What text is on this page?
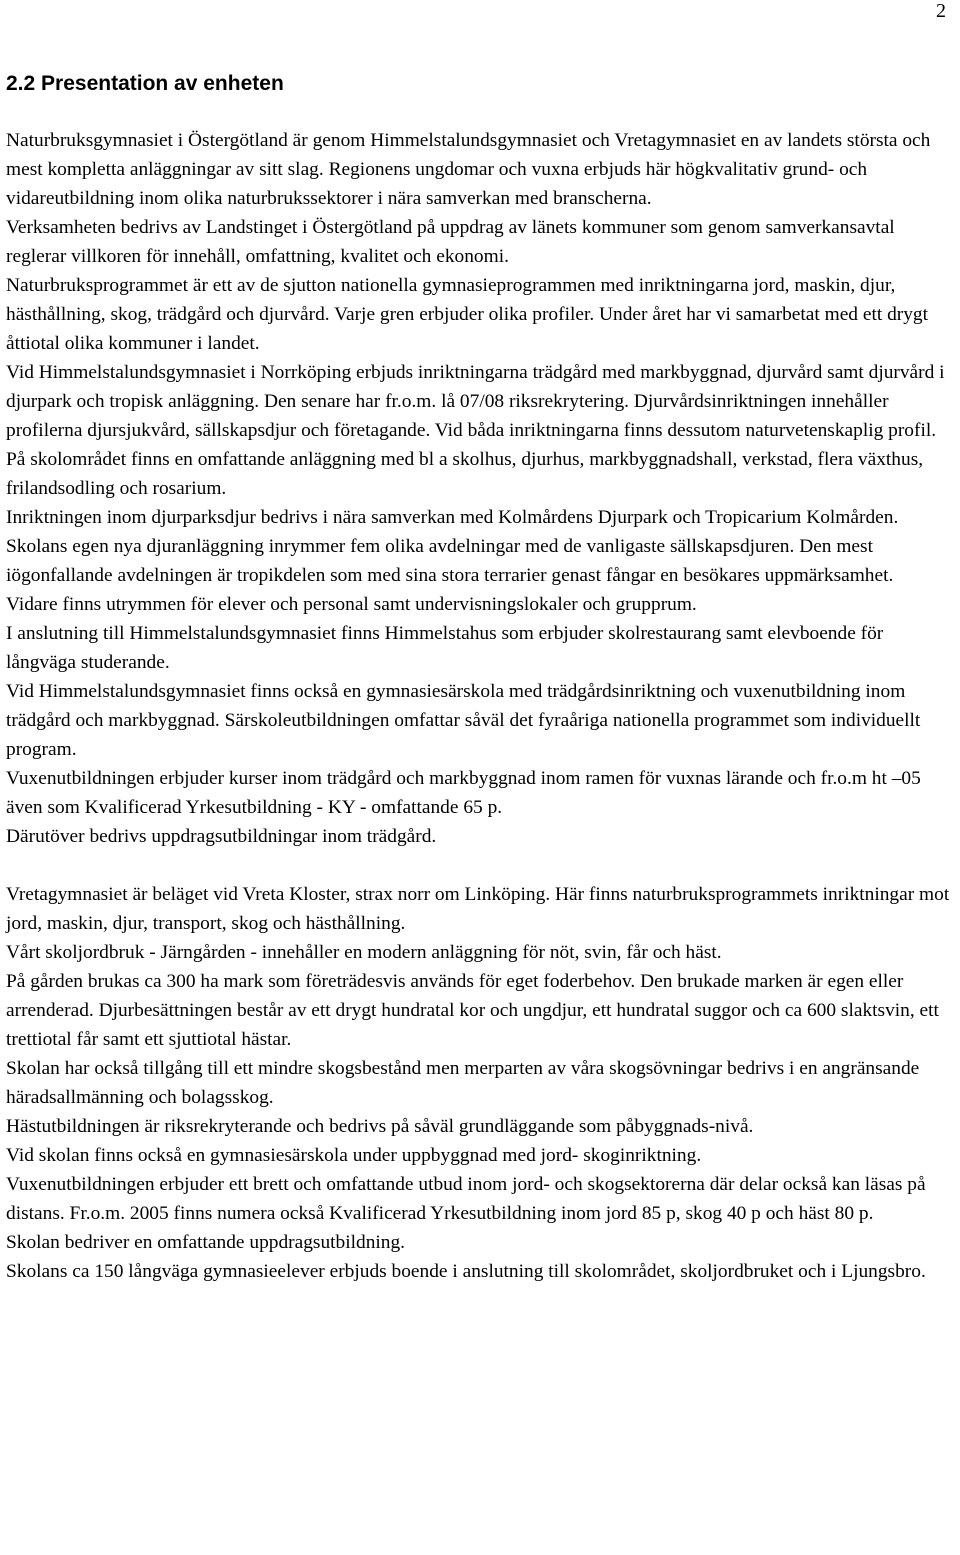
2
2.2 Presentation av enheten

Naturbruksgymnasiet i Östergötland är genom Himmelstalundsgymnasiet och Vretagymnasiet en av landets största och mest kompletta anläggningar av sitt slag. Regionens ungdomar och vuxna erbjuds här högkvalitativ grund- och vidareutbildning inom olika naturbrukssektorer i nära samverkan med branscherna.

Verksamheten bedrivs av Landstinget i Östergötland på uppdrag av länets kommuner som genom samverkansavtal reglerar villkoren för innehåll, omfattning, kvalitet och ekonomi.

Naturbruksprogrammet är ett av de sjutton nationella gymnasieprogrammen med inriktningarna jord, maskin, djur, hästhållning, skog, trädgård och djurvård. Varje gren erbjuder olika profiler. Under året har vi samarbetat med ett drygt åttiotal olika kommuner i landet.

Vid Himmelstalundsgymnasiet i Norrköping erbjuds inriktningarna trädgård med markbyggnad, djurvård samt djurvård i djurpark och tropisk anläggning. Den senare har fr.o.m. lå 07/08 riksrekrytering. Djurvårdsinriktningen innehåller profilerna djursjukvård, sällskapsdjur och företagande. Vid båda inriktningarna finns dessutom naturvetenskaplig profil.

På skolområdet finns en omfattande anläggning med bl a skolhus, djurhus, markbyggnadshall, verkstad, flera växthus, frilandsodling och rosarium.

Inriktningen inom djurparksdjur bedrivs i nära samverkan med Kolmårdens Djurpark och Tropicarium Kolmården. Skolans egen nya djuranläggning inrymmer fem olika avdelningar med de vanligaste sällskapsdjuren. Den mest iögonfallande avdelningen är tropikdelen som med sina stora terrarier genast fångar en besökares uppmärksamhet.

Vidare finns utrymmen för elever och personal samt undervisningslokaler och grupprum.

I anslutning till Himmelstalundsgymnasiet finns Himmelstahus som erbjuder skolrestaurang samt elevboende för långväga studerande.

Vid Himmelstalundsgymnasiet finns också en gymnasiesärskola med trädgårdsinriktning och vuxenutbildning inom trädgård och markbyggnad. Särskoleutbildningen omfattar såväl det fyraåriga nationella programmet som individuellt program.

Vuxenutbildningen erbjuder kurser inom trädgård och markbyggnad inom ramen för vuxnas lärande och fr.o.m ht –05 även som Kvalificerad Yrkesutbildning - KY - omfattande 65 p.

Därutöver bedrivs uppdragsutbildningar inom trädgård.

Vretagymnasiet är beläget vid Vreta Kloster, strax norr om Linköping. Här finns naturbruksprogrammets inriktningar mot jord, maskin, djur, transport, skog och hästhållning.

Vårt skoljordbruk - Järngården - innehåller en modern anläggning för nöt, svin, får och häst.

På gården brukas ca 300 ha mark som företrädesvis används för eget foderbehov. Den brukade marken är egen eller arrenderad. Djurbesättningen består av ett drygt hundratal kor och ungdjur, ett hundratal suggor och ca 600 slaktsvin, ett trettiotal får samt ett sjuttiotal hästar.

Skolan har också tillgång till ett mindre skogsbestånd men merparten av våra skogsövningar bedrivs i en angränsande häradsallmänning och bolagsskog.

Hästutbildningen är riksrekryterande och bedrivs på såväl grundläggande som påbyggnads-nivå.

Vid skolan finns också en gymnasiesärskola under uppbyggnad med jord- skoginriktning.

Vuxenutbildningen erbjuder ett brett och omfattande utbud inom jord- och skogsektorerna där delar också kan läsas på distans. Fr.o.m. 2005 finns numera också Kvalificerad Yrkesutbildning inom jord 85 p, skog 40 p och häst 80 p.

Skolan bedriver en omfattande uppdragsutbildning.

Skolans ca 150 långväga gymnasieelever erbjuds boende i anslutning till skolområdet, skoljordbruket och i Ljungsbro.
